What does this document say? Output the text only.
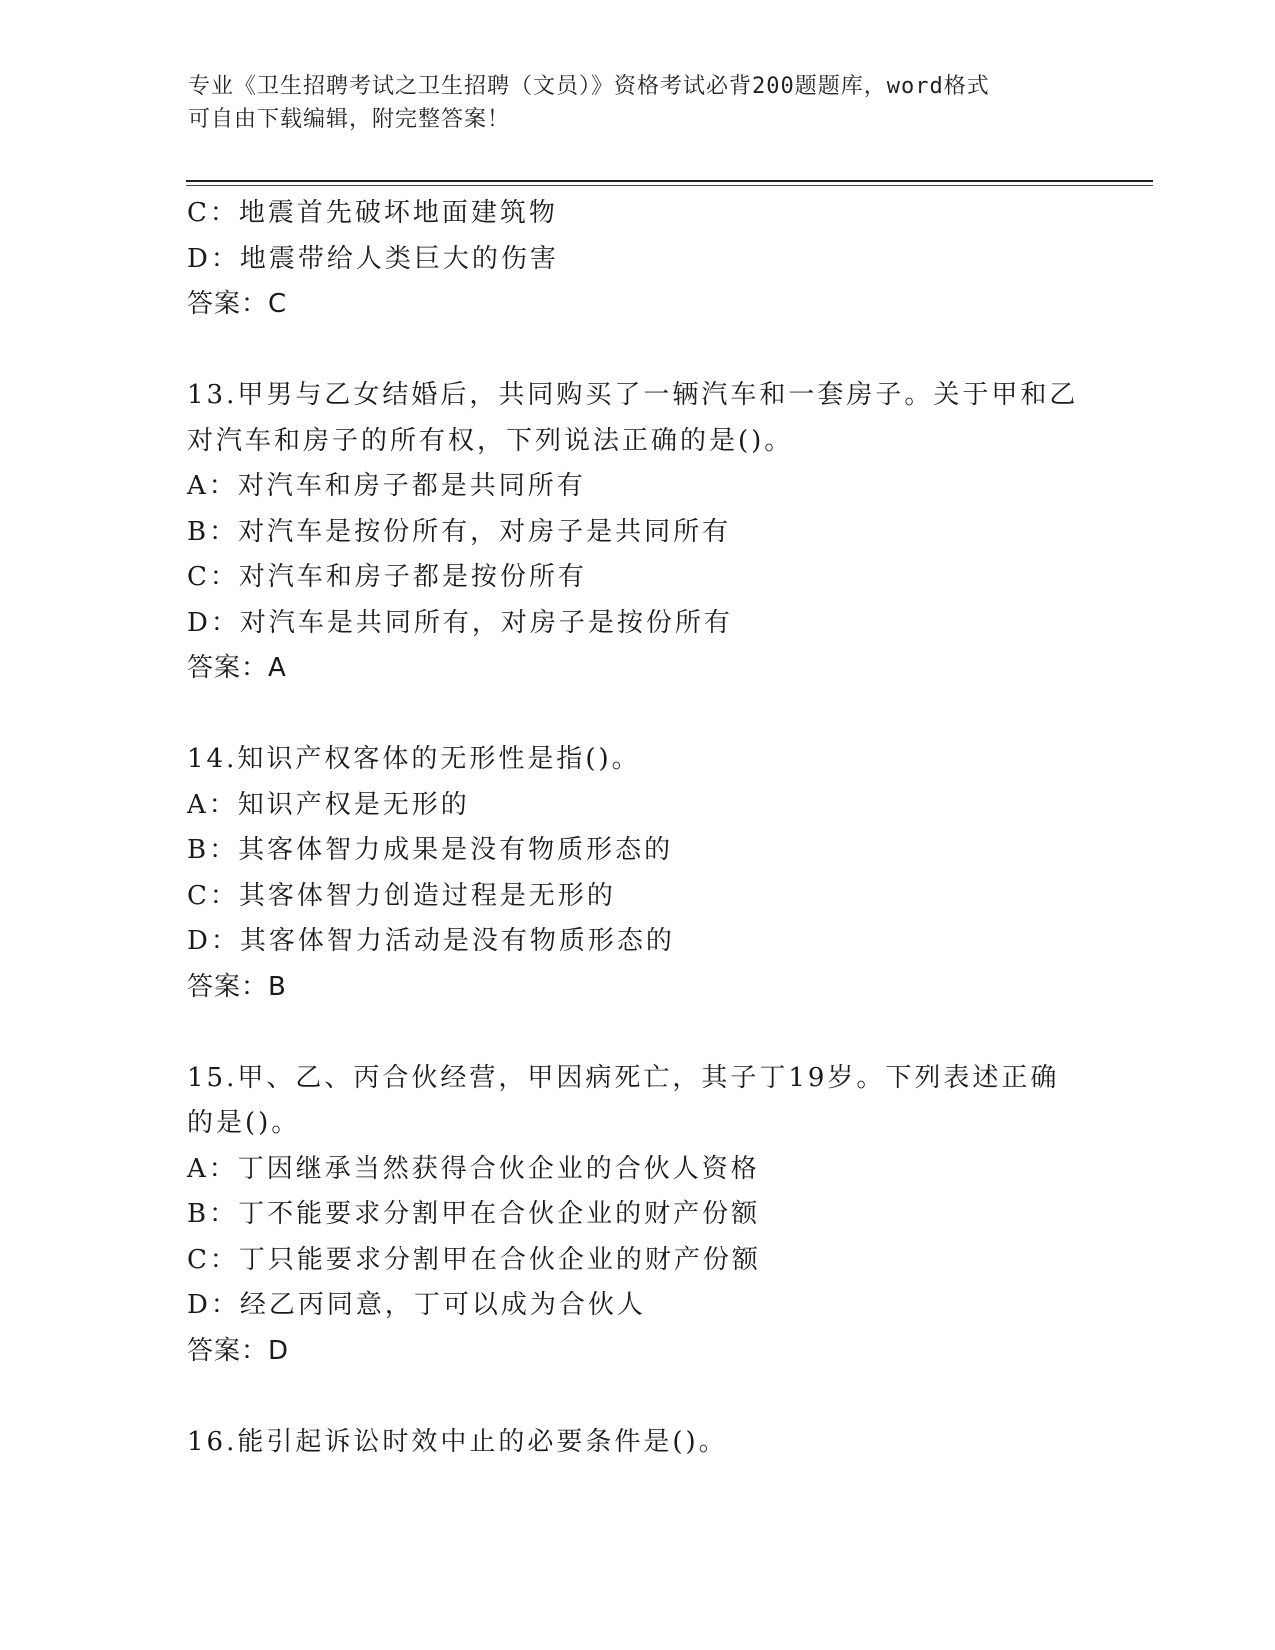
专业《卫生招聘考试之卫生招聘（文员）》资格考试必背200题题库，word格式
可自由下载编辑，附完整答案！
C：地震首先破坏地面建筑物
D：地震带给人类巨大的伤害
答案：C
13.甲男与乙女结婚后，共同购买了一辆汽车和一套房子。关于甲和乙
对汽车和房子的所有权，下列说法正确的是()。
A：对汽车和房子都是共同所有
B：对汽车是按份所有，对房子是共同所有
C：对汽车和房子都是按份所有
D：对汽车是共同所有，对房子是按份所有
答案：A
14.知识产权客体的无形性是指()。
A：知识产权是无形的
B：其客体智力成果是没有物质形态的
C：其客体智力创造过程是无形的
D：其客体智力活动是没有物质形态的
答案：B
15.甲、乙、丙合伙经营，甲因病死亡，其子丁19岁。下列表述正确
的是()。
A：丁因继承当然获得合伙企业的合伙人资格
B：丁不能要求分割甲在合伙企业的财产份额
C：丁只能要求分割甲在合伙企业的财产份额
D：经乙丙同意，丁可以成为合伙人
答案：D
16.能引起诉讼时效中止的必要条件是()。
